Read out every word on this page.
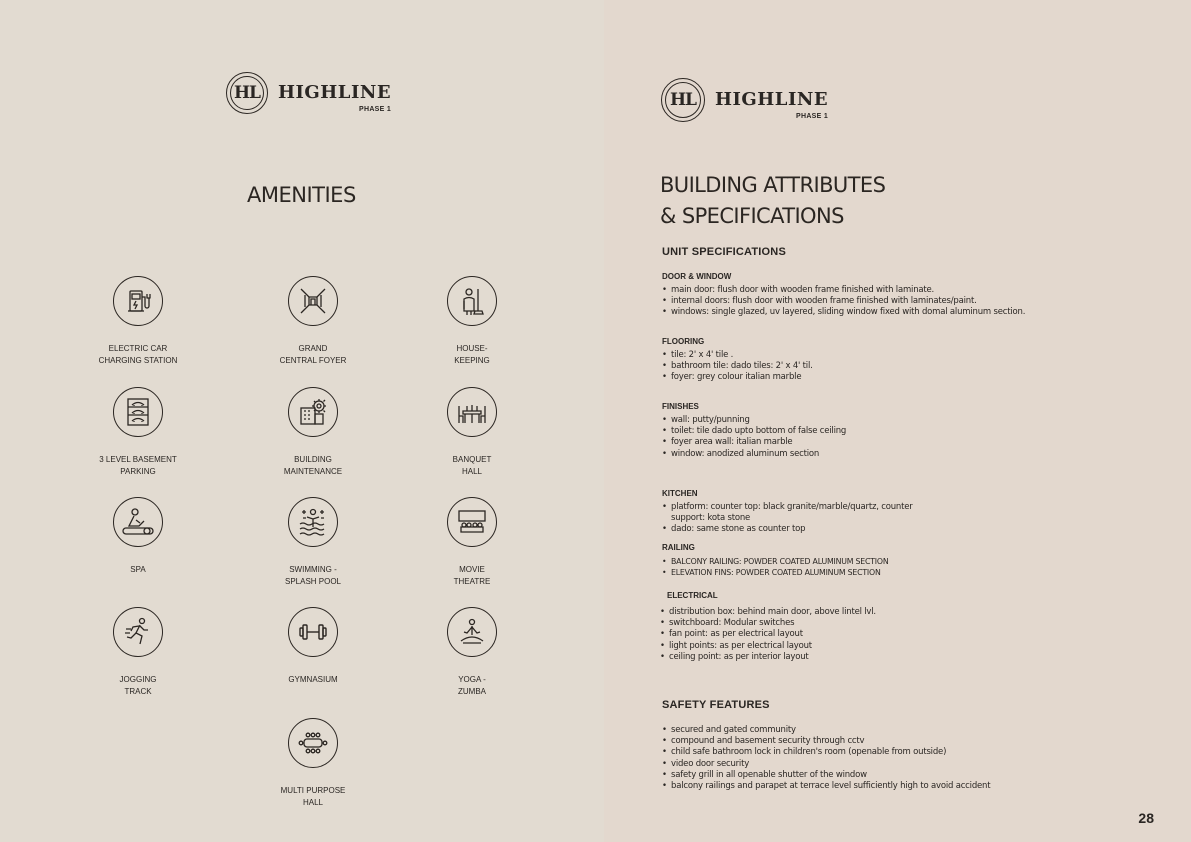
HL HIGHLINE
PHASE 1
AMENITIES
ELECTRIC CAR
CHARGING STATION
GRAND
CENTRAL FOYER
HOUSE-
KEEPING
3 LEVEL BASEMENT
PARKING
BUILDING
MAINTENANCE
BANQUET
HALL
SPA	SWIMMING -
SPLASH POOL
MOVIE
THEATRE
JOGGING
TRACK
GYMNASIUM	YOGA -
ZUMBA
MULTI PURPOSE
HALL
HL HIGHLINE
PHASE 1
BUILDING ATTRIBUTES
& SPECIFICATIONS
UNIT SPECIFICATIONS
DOOR & WINDOW
• main door: flush door with wooden frame finished with laminate.
• internal doors: flush door with wooden frame finished with laminates/paint.
• windows: single glazed, uv layered, sliding window fixed with domal aluminum section.
FLOORING
• tile: 2' x 4' tile .
• bathroom tile: dado tiles: 2' x 4' til.
• foyer: grey colour italian marble
FINISHES
• wall: putty/punning
• toilet: tile dado upto bottom of false ceiling
• foyer area wall: italian marble
• window: anodized aluminum section
KITCHEN
• platform: counter top: black granite/marble/quartz, counter
support: kota stone
• dado: same stone as counter top
RAILING
• BALCONY RAILING: POWDER COATED ALUMINUM SECTION
• ELEVATION FINS: POWDER COATED ALUMINUM SECTION
ELECTRICAL
• distribution box: behind main door, above lintel lvl.
• switchboard: Modular switches
• fan point: as per electrical layout
• light points: as per electrical layout
• ceiling point: as per interior layout
SAFETY FEATURES
• secured and gated community
• compound and basement security through cctv
• child safe bathroom lock in children's room (openable from outside)
• video door security
• safety grill in all openable shutter of the window
• balcony railings and parapet at terrace level sufficiently high to avoid accident
28
